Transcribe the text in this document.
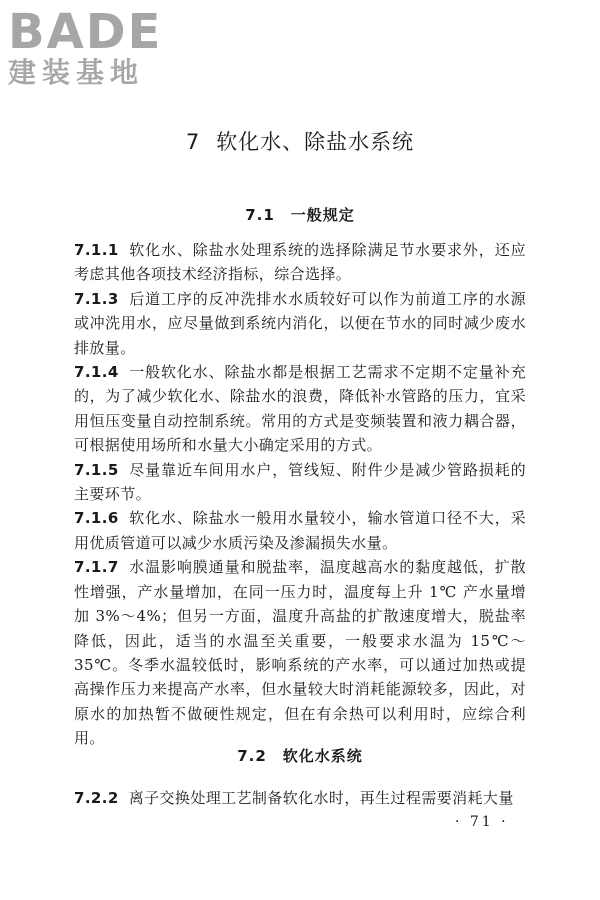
BADE
建装基地
7 软化水、除盐水系统
7.1 一般规定

7.1.1 软化水、除盐水处理系统的选择除满足节水要求外，还应考虑其他各项技术经济指标，综合选择。

7.1.3 后道工序的反冲洗排水水质较好可以作为前道工序的水源或冲洗用水，应尽量做到系统内消化，以便在节水的同时减少废水排放量。

7.1.4 一般软化水、除盐水都是根据工艺需求不定期不定量补充的，为了减少软化水、除盐水的浪费，降低补水管路的压力，宜采用恒压变量自动控制系统。常用的方式是变频装置和液力耦合器，可根据使用场所和水量大小确定采用的方式。

7.1.5 尽量靠近车间用水户，管线短、附件少是减少管路损耗的主要环节。

7.1.6 软化水、除盐水一般用水量较小，输水管道口径不大，采用优质管道可以减少水质污染及渗漏损失水量。

7.1.7 水温影响膜通量和脱盐率，温度越高水的黏度越低，扩散性增强，产水量增加，在同一压力时，温度每上升 1℃ 产水量增加 3%～4%；但另一方面，温度升高盐的扩散速度增大，脱盐率降低，因此，适当的水温至关重要，一般要求水温为 15℃～35℃。冬季水温较低时，影响系统的产水率，可以通过加热或提高操作压力来提高产水率，但水量较大时消耗能源较多，因此，对原水的加热暂不做硬性规定，但在有余热可以利用时，应综合利用。

7.2 软化水系统

7.2.2 离子交换处理工艺制备软化水时，再生过程需要消耗大量

· 71 ·
